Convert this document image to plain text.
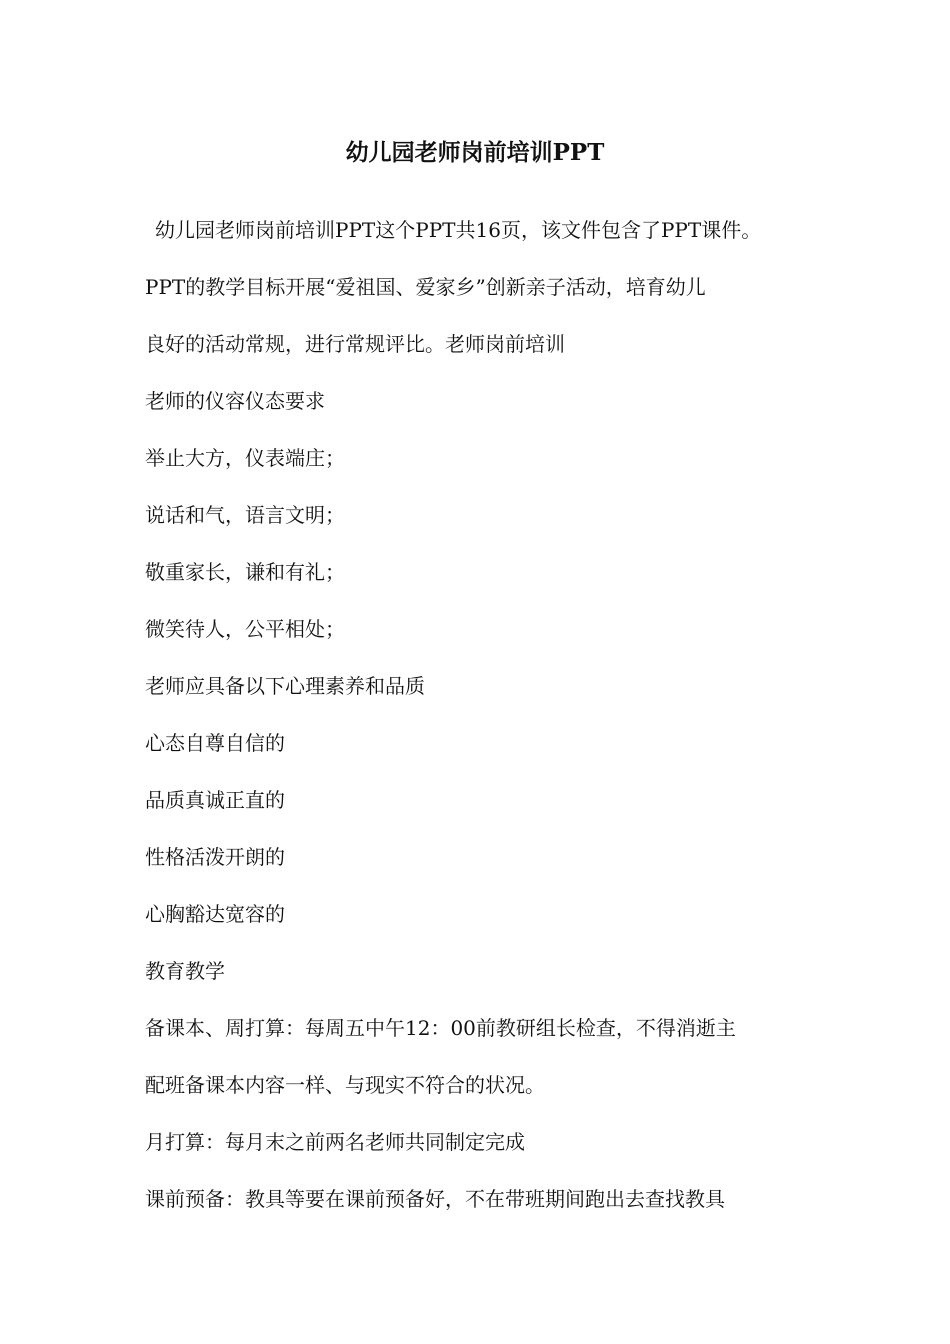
幼儿园老师岗前培训PPT

幼儿园老师岗前培训PPT这个PPT共16页，该文件包含了PPT课件。

PPT的教学目标开展“爱祖国、爱家乡”创新亲子活动，培育幼儿

良好的活动常规，进行常规评比。老师岗前培训

老师的仪容仪态要求

举止大方，仪表端庄；

说话和气，语言文明；

敬重家长，谦和有礼；

微笑待人，公平相处；

老师应具备以下心理素养和品质

心态自尊自信的

品质真诚正直的

性格活泼开朗的

心胸豁达宽容的

教育教学

备课本、周打算：每周五中午12：00前教研组长检查，不得消逝主

配班备课本内容一样、与现实不符合的状况。

月打算：每月末之前两名老师共同制定完成

课前预备：教具等要在课前预备好，不在带班期间跑出去查找教具
